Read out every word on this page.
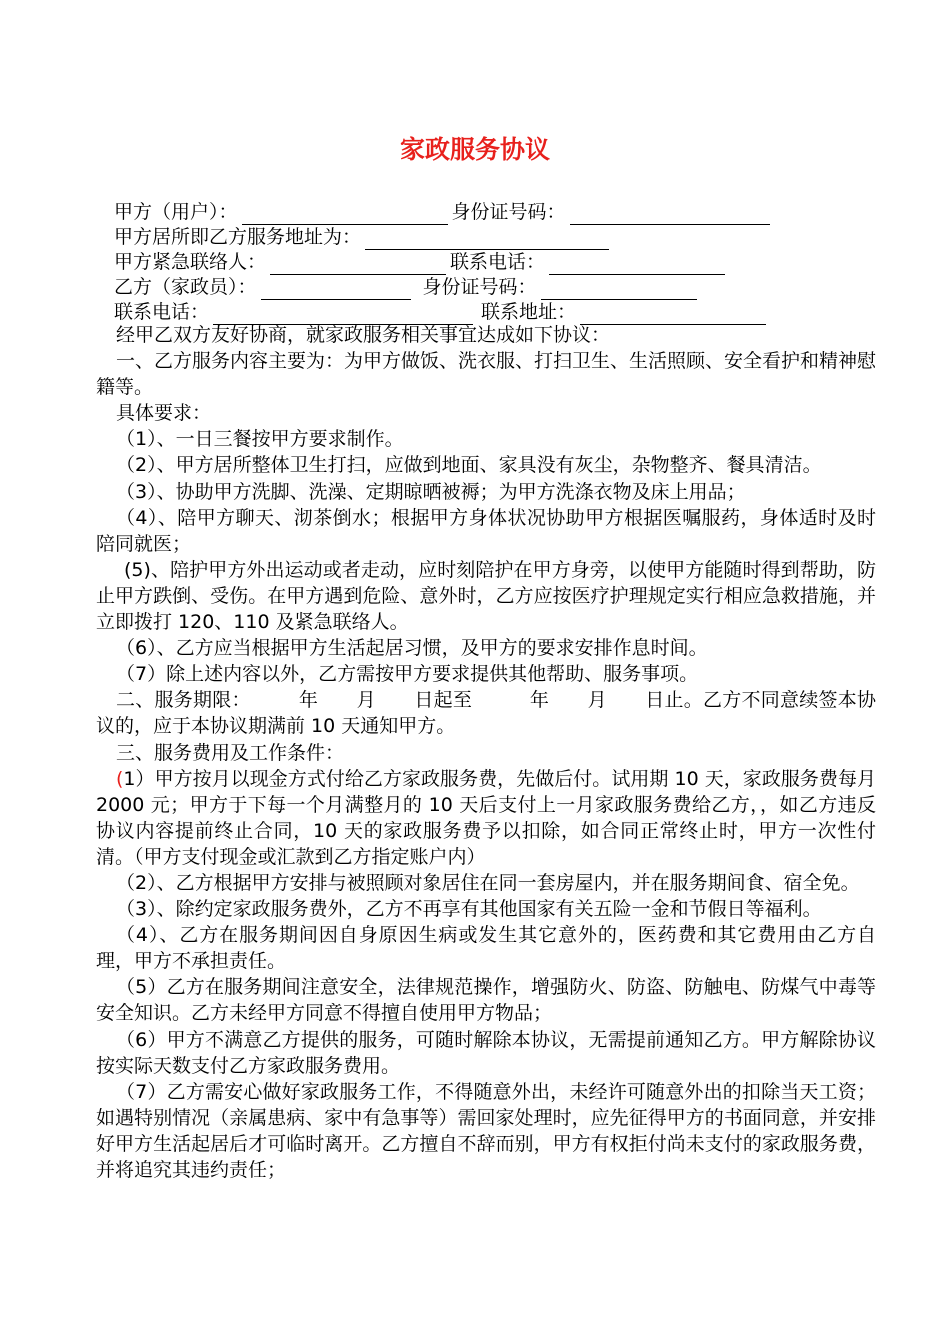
家政服务协议
甲方（用户）：	身份证号码：
甲方居所即乙方服务地址为：
甲方紧急联络人：	联系电话：
乙方（家政员）：	身份证号码：
联系电话：	联系地址：

经甲乙双方友好协商，就家政服务相关事宜达成如下协议：

一、乙方服务内容主要为：为甲方做饭、洗衣服、打扫卫生、生活照顾、安全看护和精神慰籍等。

具体要求：

（1）、一日三餐按甲方要求制作。

（2）、甲方居所整体卫生打扫，应做到地面、家具没有灰尘，杂物整齐、餐具清洁。

（3）、协助甲方洗脚、洗澡、定期晾晒被褥；为甲方洗涤衣物及床上用品；

（4）、陪甲方聊天、沏茶倒水；根据甲方身体状况协助甲方根据医嘱服药，身体适时及时陪同就医；

(5)、陪护甲方外出运动或者走动，应时刻陪护在甲方身旁，以使甲方能随时得到帮助，防止甲方跌倒、受伤。在甲方遇到危险、意外时，乙方应按医疗护理规定实行相应急救措施，并立即拨打 120、110 及紧急联络人。

（6）、乙方应当根据甲方生活起居习惯，及甲方的要求安排作息时间。

（7）除上述内容以外，乙方需按甲方要求提供其他帮助、服务事项。

二、服务期限：　　　年　　月　　日起至　　　年　　月　　日止。乙方不同意续签本协议的，应于本协议期满前 10 天通知甲方。

三、服务费用及工作条件：

(1）甲方按月以现金方式付给乙方家政服务费，先做后付。试用期 10 天，家政服务费每月 2000 元；甲方于下每一个月满整月的 10 天后支付上一月家政服务费给乙方，，如乙方违反协议内容提前终止合同，10 天的家政服务费予以扣除，如合同正常终止时，甲方一次性付清。（甲方支付现金或汇款到乙方指定账户内）

（2）、乙方根据甲方安排与被照顾对象居住在同一套房屋内，并在服务期间食、宿全免。

（3）、除约定家政服务费外，乙方不再享有其他国家有关五险一金和节假日等福利。

（4）、乙方在服务期间因自身原因生病或发生其它意外的，医药费和其它费用由乙方自理，甲方不承担责任。

（5）乙方在服务期间注意安全，法律规范操作，增强防火、防盗、防触电、防煤气中毒等安全知识。乙方未经甲方同意不得擅自使用甲方物品；

（6）甲方不满意乙方提供的服务，可随时解除本协议，无需提前通知乙方。甲方解除协议按实际天数支付乙方家政服务费用。

（7）乙方需安心做好家政服务工作，不得随意外出，未经许可随意外出的扣除当天工资；如遇特别情况（亲属患病、家中有急事等）需回家处理时，应先征得甲方的书面同意，并安排好甲方生活起居后才可临时离开。乙方擅自不辞而别，甲方有权拒付尚未支付的家政服务费，并将追究其违约责任；
